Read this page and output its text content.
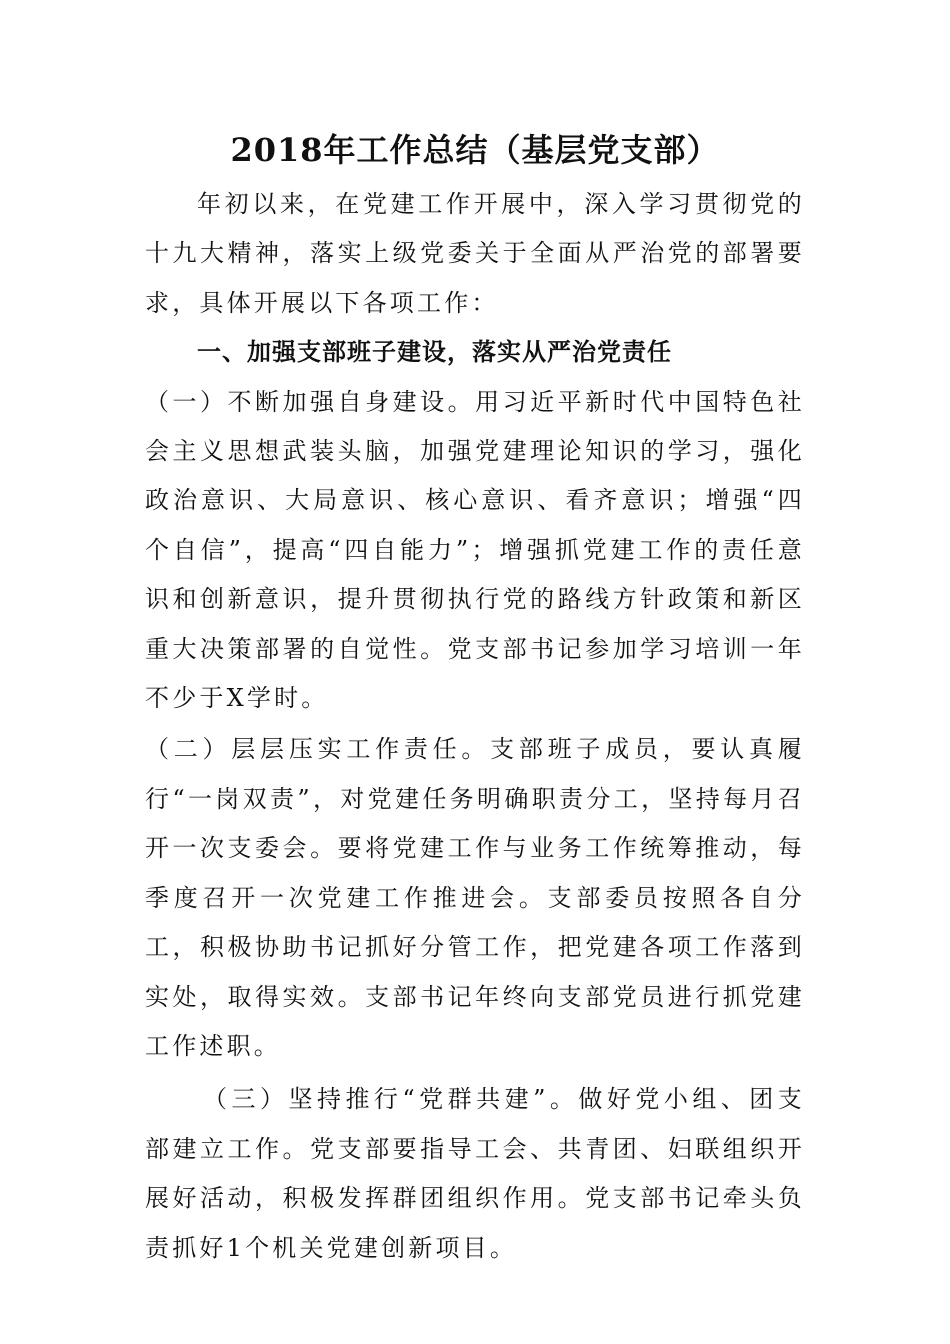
2018年工作总结（基层党支部）

年初以来，在党建工作开展中，深入学习贯彻党的十九大精神，落实上级党委关于全面从严治党的部署要求，具体开展以下各项工作：

一、加强支部班子建设，落实从严治党责任

（一）不断加强自身建设。用习近平新时代中国特色社会主义思想武装头脑，加强党建理论知识的学习，强化政治意识、大局意识、核心意识、看齐意识；增强“四个自信”，提高“四自能力”；增强抓党建工作的责任意识和创新意识，提升贯彻执行党的路线方针政策和新区重大决策部署的自觉性。党支部书记参加学习培训一年不少于X学时。

（二）层层压实工作责任。支部班子成员，要认真履行“一岗双责”，对党建任务明确职责分工，坚持每月召开一次支委会。要将党建工作与业务工作统筹推动，每季度召开一次党建工作推进会。支部委员按照各自分工，积极协助书记抓好分管工作，把党建各项工作落到实处，取得实效。支部书记年终向支部党员进行抓党建工作述职。

（三）坚持推行“党群共建”。做好党小组、团支部建立工作。党支部要指导工会、共青团、妇联组织开展好活动，积极发挥群团组织作用。党支部书记牵头负责抓好1个机关党建创新项目。
